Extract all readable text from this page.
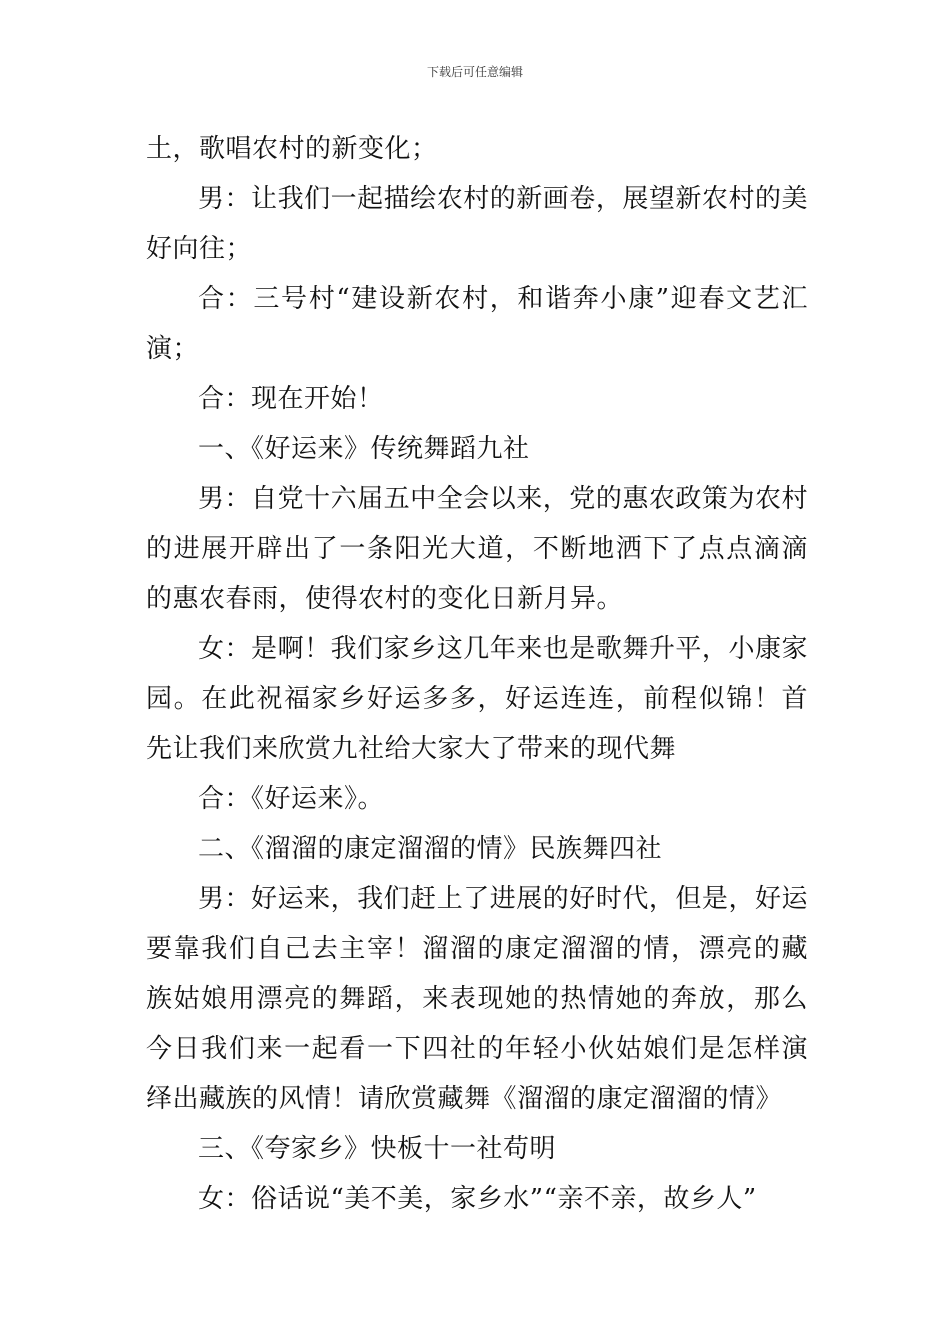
下载后可任意编辑

土，歌唱农村的新变化；

男：让我们一起描绘农村的新画卷，展望新农村的美好向往；

合：三号村“建设新农村，和谐奔小康”迎春文艺汇演；

合：现在开始！

一、《好运来》传统舞蹈九社

男：自党十六届五中全会以来，党的惠农政策为农村的进展开辟出了一条阳光大道，不断地洒下了点点滴滴的惠农春雨，使得农村的变化日新月异。

女：是啊！我们家乡这几年来也是歌舞升平，小康家园。在此祝福家乡好运多多，好运连连，前程似锦！首先让我们来欣赏九社给大家大了带来的现代舞

合：《好运来》。

二、《溜溜的康定溜溜的情》民族舞四社

男：好运来，我们赶上了进展的好时代，但是，好运要靠我们自己去主宰！溜溜的康定溜溜的情，漂亮的藏族姑娘用漂亮的舞蹈，来表现她的热情她的奔放，那么今日我们来一起看一下四社的年轻小伙姑娘们是怎样演绎出藏族的风情！请欣赏藏舞《溜溜的康定溜溜的情》

三、《夸家乡》快板十一社苟明

女：俗话说“美不美，家乡水”“亲不亲，故乡人”
